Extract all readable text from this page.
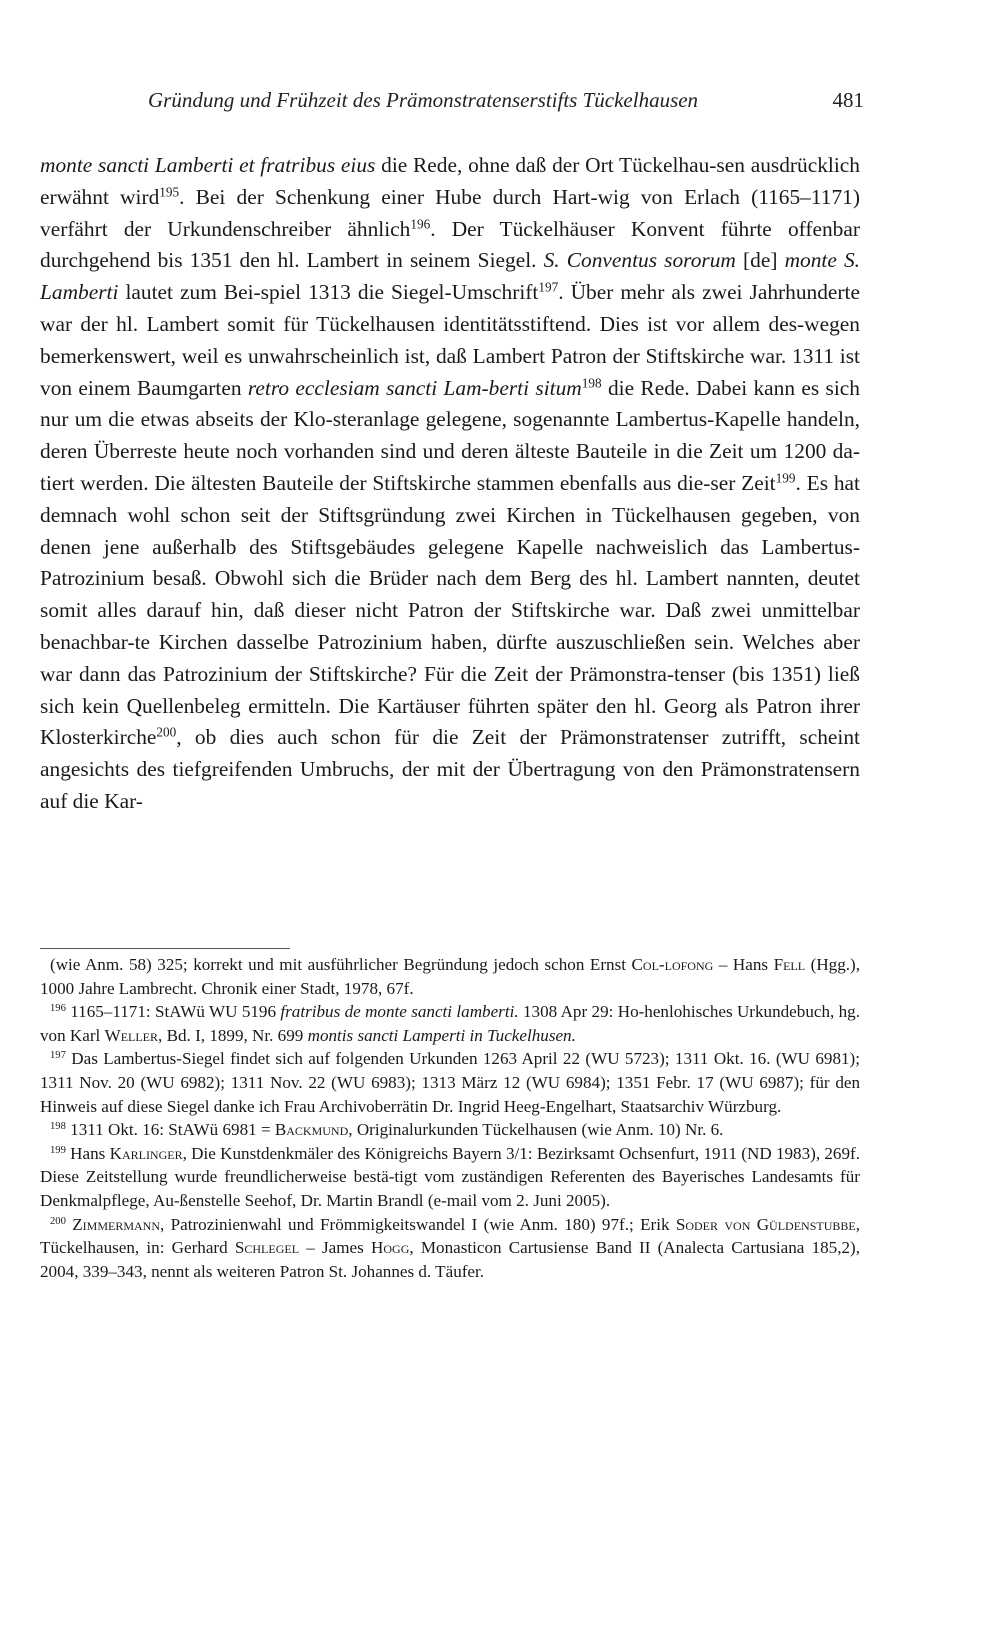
Gründung und Frühzeit des Prämonstratenserstifts Tückelhausen	481

monte sancti Lamberti et fratribus eius die Rede, ohne daß der Ort Tückelhau-sen ausdrücklich erwähnt wird$^{195}$. Bei der Schenkung einer Hube durch Hart-wig von Erlach (1165–1171) verfährt der Urkundenschreiber ähnlich$^{196}$. Der Tückelhäuser Konvent führte offenbar durchgehend bis 1351 den hl. Lambert in seinem Siegel. S. Conventus sororum [de] monte S. Lamberti lautet zum Bei-spiel 1313 die Siegel-Umschrift$^{197}$. Über mehr als zwei Jahrhunderte war der hl. Lambert somit für Tückelhausen identitätsstiftend. Dies ist vor allem des-wegen bemerkenswert, weil es unwahrscheinlich ist, daß Lambert Patron der Stiftskirche war. 1311 ist von einem Baumgarten retro ecclesiam sancti Lam-berti situm$^{198}$ die Rede. Dabei kann es sich nur um die etwas abseits der Klo-steranlage gelegene, sogenannte Lambertus-Kapelle handeln, deren Überreste heute noch vorhanden sind und deren älteste Bauteile in die Zeit um 1200 da-tiert werden. Die ältesten Bauteile der Stiftskirche stammen ebenfalls aus die-ser Zeit$^{199}$. Es hat demnach wohl schon seit der Stiftsgründung zwei Kirchen in Tückelhausen gegeben, von denen jene außerhalb des Stiftsgebäudes gelegene Kapelle nachweislich das Lambertus-Patrozinium besaß. Obwohl sich die Brüder nach dem Berg des hl. Lambert nannten, deutet somit alles darauf hin, daß dieser nicht Patron der Stiftskirche war. Daß zwei unmittelbar benachbar-te Kirchen dasselbe Patrozinium haben, dürfte auszuschließen sein. Welches aber war dann das Patrozinium der Stiftskirche? Für die Zeit der Prämonstra-tenser (bis 1351) ließ sich kein Quellenbeleg ermitteln. Die Kartäuser führten später den hl. Georg als Patron ihrer Klosterkirche$^{200}$, ob dies auch schon für die Zeit der Prämonstratenser zutrifft, scheint angesichts des tiefgreifenden Umbruchs, der mit der Übertragung von den Prämonstratensern auf die Kar-

(wie Anm. 58) 325; korrekt und mit ausführlicher Begründung jedoch schon Ernst Col-lofong – Hans Fell (Hgg.), 1000 Jahre Lambrecht. Chronik einer Stadt, 1978, 67f.

$^{196}$ 1165–1171: StAWü WU 5196 fratribus de monte sancti lamberti. 1308 Apr 29: Ho-henlohisches Urkundebuch, hg. von Karl Weller, Bd. I, 1899, Nr. 699 montis sancti Lamperti in Tuckelhusen.

$^{197}$ Das Lambertus-Siegel findet sich auf folgenden Urkunden 1263 April 22 (WU 5723); 1311 Okt. 16. (WU 6981); 1311 Nov. 20 (WU 6982); 1311 Nov. 22 (WU 6983); 1313 März 12 (WU 6984); 1351 Febr. 17 (WU 6987); für den Hinweis auf diese Siegel danke ich Frau Archivoberrätin Dr. Ingrid Heeg-Engelhart, Staatsarchiv Würzburg.

$^{198}$ 1311 Okt. 16: StAWü 6981 = Backmund, Originalurkunden Tückelhausen (wie Anm. 10) Nr. 6.

$^{199}$ Hans Karlinger, Die Kunstdenkmäler des Königreichs Bayern 3/1: Bezirksamt Ochsenfurt, 1911 (ND 1983), 269f. Diese Zeitstellung wurde freundlicherweise bestä-tigt vom zuständigen Referenten des Bayerisches Landesamts für Denkmalpflege, Au-ßenstelle Seehof, Dr. Martin Brandl (e-mail vom 2. Juni 2005).

$^{200}$ Zimmermann, Patrozinienwahl und Frömmigkeitswandel I (wie Anm. 180) 97f.; Erik Soder von Güldenstubbe, Tückelhausen, in: Gerhard Schlegel – James Hogg, Monasticon Cartusiense Band II (Analecta Cartusiana 185,2), 2004, 339–343, nennt als weiteren Patron St. Johannes d. Täufer.
